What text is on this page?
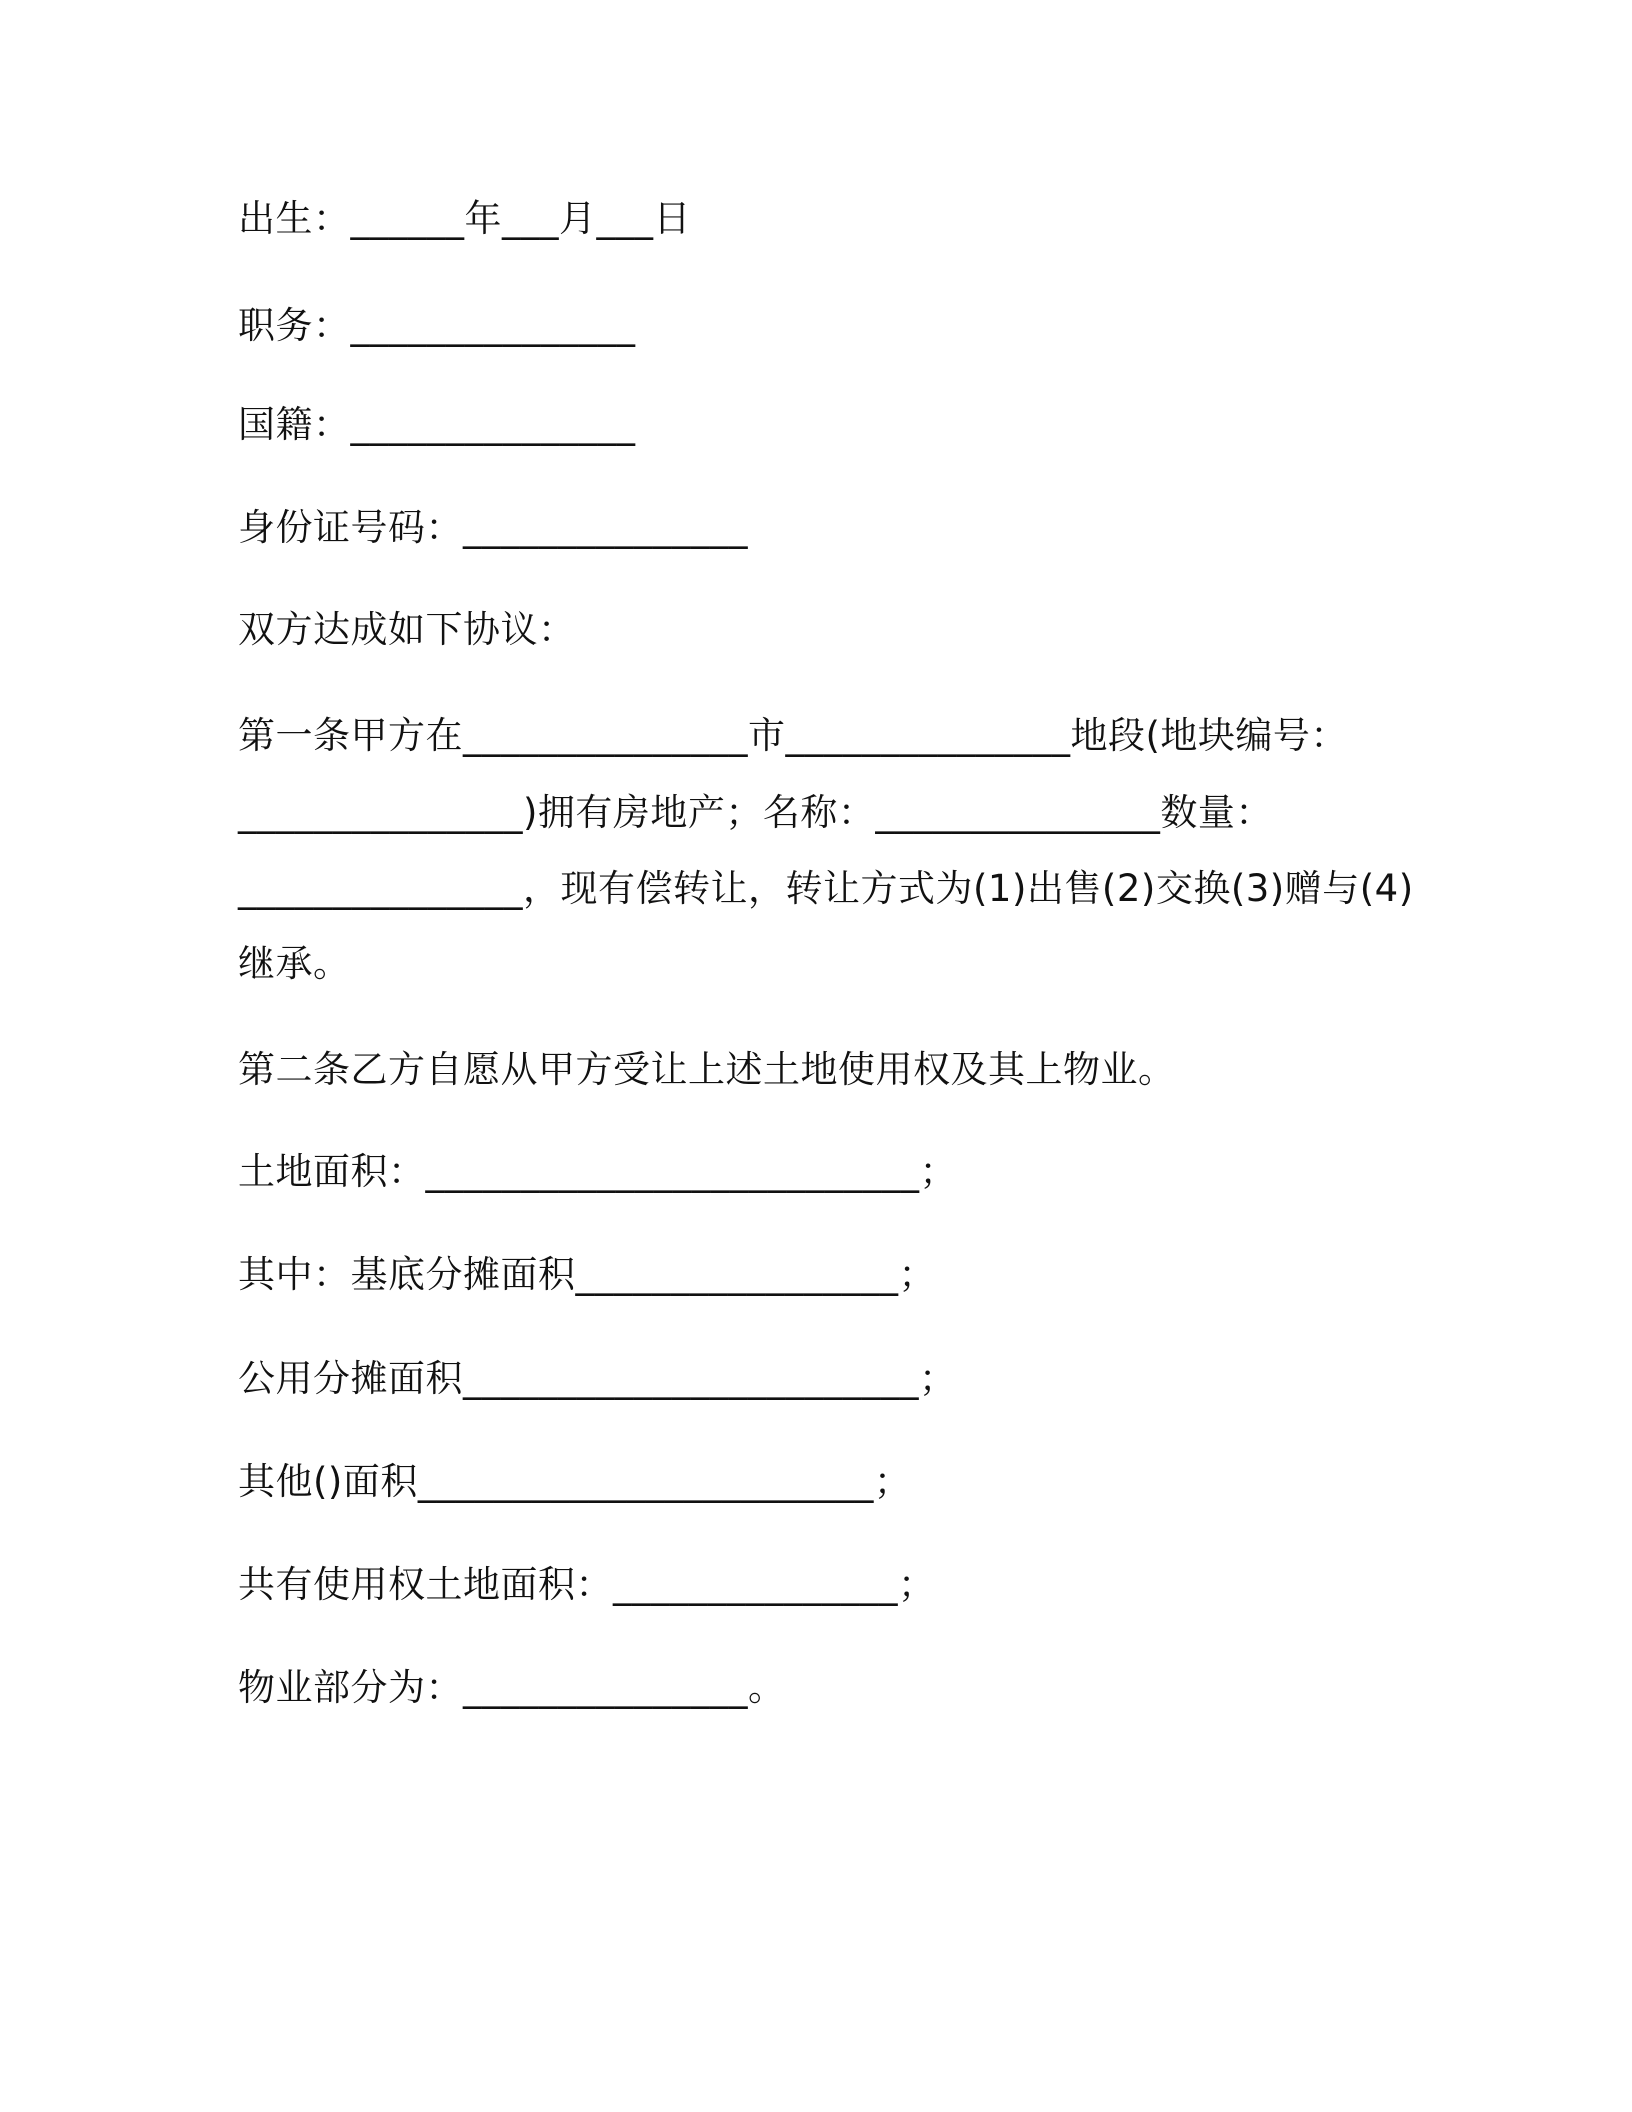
出生：______年___月___日
职务：_______________
国籍：_______________
身份证号码：_______________
双方达成如下协议：
第一条甲方在_______________市_______________地段(地块编号：
_______________)拥有房地产；名称：_______________数量：
_______________，现有偿转让，转让方式为(1)出售(2)交换(3)赠与(4)
继承。
第二条乙方自愿从甲方受让上述土地使用权及其上物业。
土地面积：__________________________；
其中：基底分摊面积_________________；
公用分摊面积________________________；
其他()面积________________________；
共有使用权土地面积：_______________；
物业部分为：_______________。
